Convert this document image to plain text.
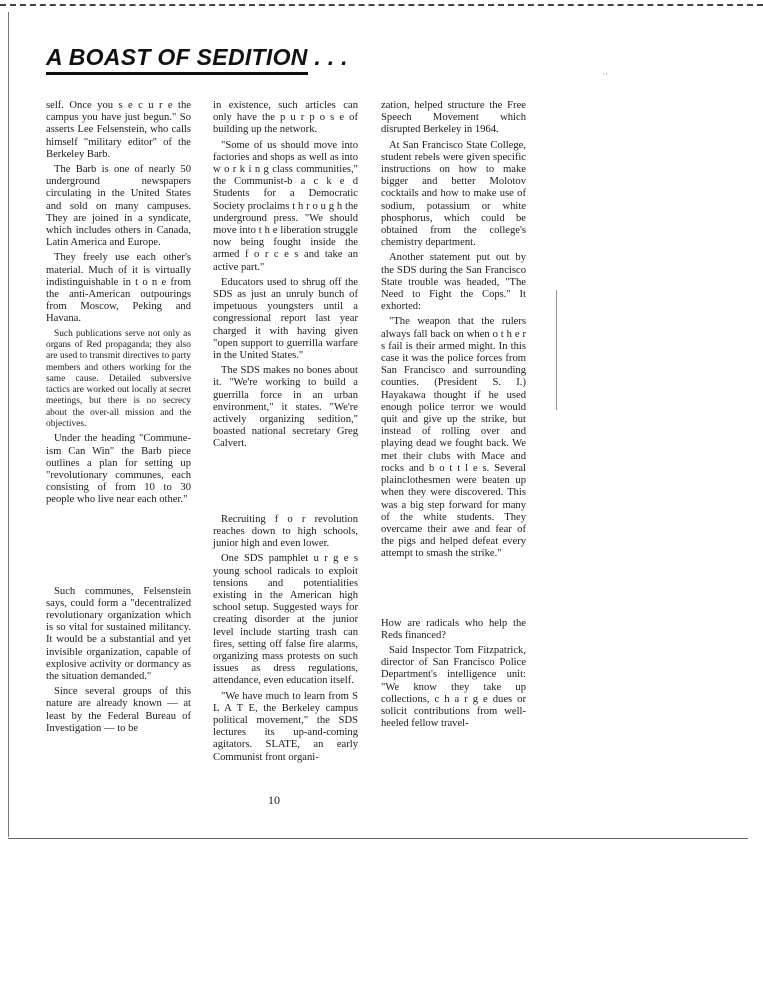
A BOAST OF SEDITION . . .

self. Once you s e c u r e the campus you have just begun." So asserts Lee Felsenstein, who calls himself "military editor" of the Berkeley Barb.

The Barb is one of nearly 50 underground newspapers circulating in the United States and sold on many campuses. They are joined in a syndicate, which includes others in Canada, Latin America and Europe.

They freely use each other's material. Much of it is virtually indistinguishable in t o n e from the anti-American outpourings from Moscow, Peking and Havana.

Such publications serve not only as organs of Red propaganda; they also are used to transmit directives to party members and others working for the same cause. Detailed subversive tactics are worked out locally at secret meetings, but there is no secrecy about the over-all mission and the objectives.

Under the heading "Commune-ism Can Win" the Barb piece outlines a plan for setting up "revolutionary communes, each consisting of from 10 to 30 people who live near each other."

Such communes, Felsenstein says, could form a "decentralized revolutionary organization which is so vital for sustained militancy. It would be a substantial and yet invisible organization, capable of explosive activity or dormancy as the situation demanded."

Since several groups of this nature are already known — at least by the Federal Bureau of Investigation — to be

in existence, such articles can only have the p u r p o s e of building up the network.

"Some of us should move into factories and shops as well as into w o r k i n g class communities," the Communist-b a c k e d Students for a Democratic Society proclaims t h r o u g h the underground press. "We should move into t h e liberation struggle now being fought inside the armed f o r c e s and take an active part."

Educators used to shrug off the SDS as just an unruly bunch of impetuous youngsters until a congressional report last year charged it with having given "open support to guerrilla warfare in the United States."

The SDS makes no bones about it. "We're working to build a guerrilla force in an urban environment," it states. "We're actively organizing sedition," boasted national secretary Greg Calvert.

Recruiting f o r revolution reaches down to high schools, junior high and even lower.

One SDS pamphlet u r g e s young school radicals to exploit tensions and potentialities existing in the American high school setup. Suggested ways for creating disorder at the junior level include starting trash can fires, setting off false fire alarms, organizing mass protests on such issues as dress regulations, attendance, even education itself.

"We have much to learn from S L A T E, the Berkeley campus political movement," the SDS lectures its up-and-coming agitators. SLATE, an early Communist front organi-

zation, helped structure the Free Speech Movement which disrupted Berkeley in 1964.

At San Francisco State College, student rebels were given specific instructions on how to make bigger and better Molotov cocktails and how to make use of sodium, potassium or white phosphorus, which could be obtained from the college's chemistry department.

Another statement put out by the SDS during the San Francisco State trouble was headed, "The Need to Fight the Cops." It exhorted:

"The weapon that the rulers always fall back on when o t h e r s fail is their armed might. In this case it was the police forces from San Francisco and surrounding counties. (President S. I.) Hayakawa thought if he used enough police terror we would quit and give up the strike, but instead of rolling over and playing dead we fought back. We met their clubs with Mace and rocks and b o t t l e s. Several plainclothesmen were beaten up when they were discovered. This was a big step forward for many of the white students. They overcame their awe and fear of the pigs and helped defeat every attempt to smash the strike."

How are radicals who help the Reds financed?

Said Inspector Tom Fitzpatrick, director of San Francisco Police Department's intelligence unit: "We know they take up collections, c h a r g e dues or solicit contributions from well-heeled fellow travel-

10
˙˙
